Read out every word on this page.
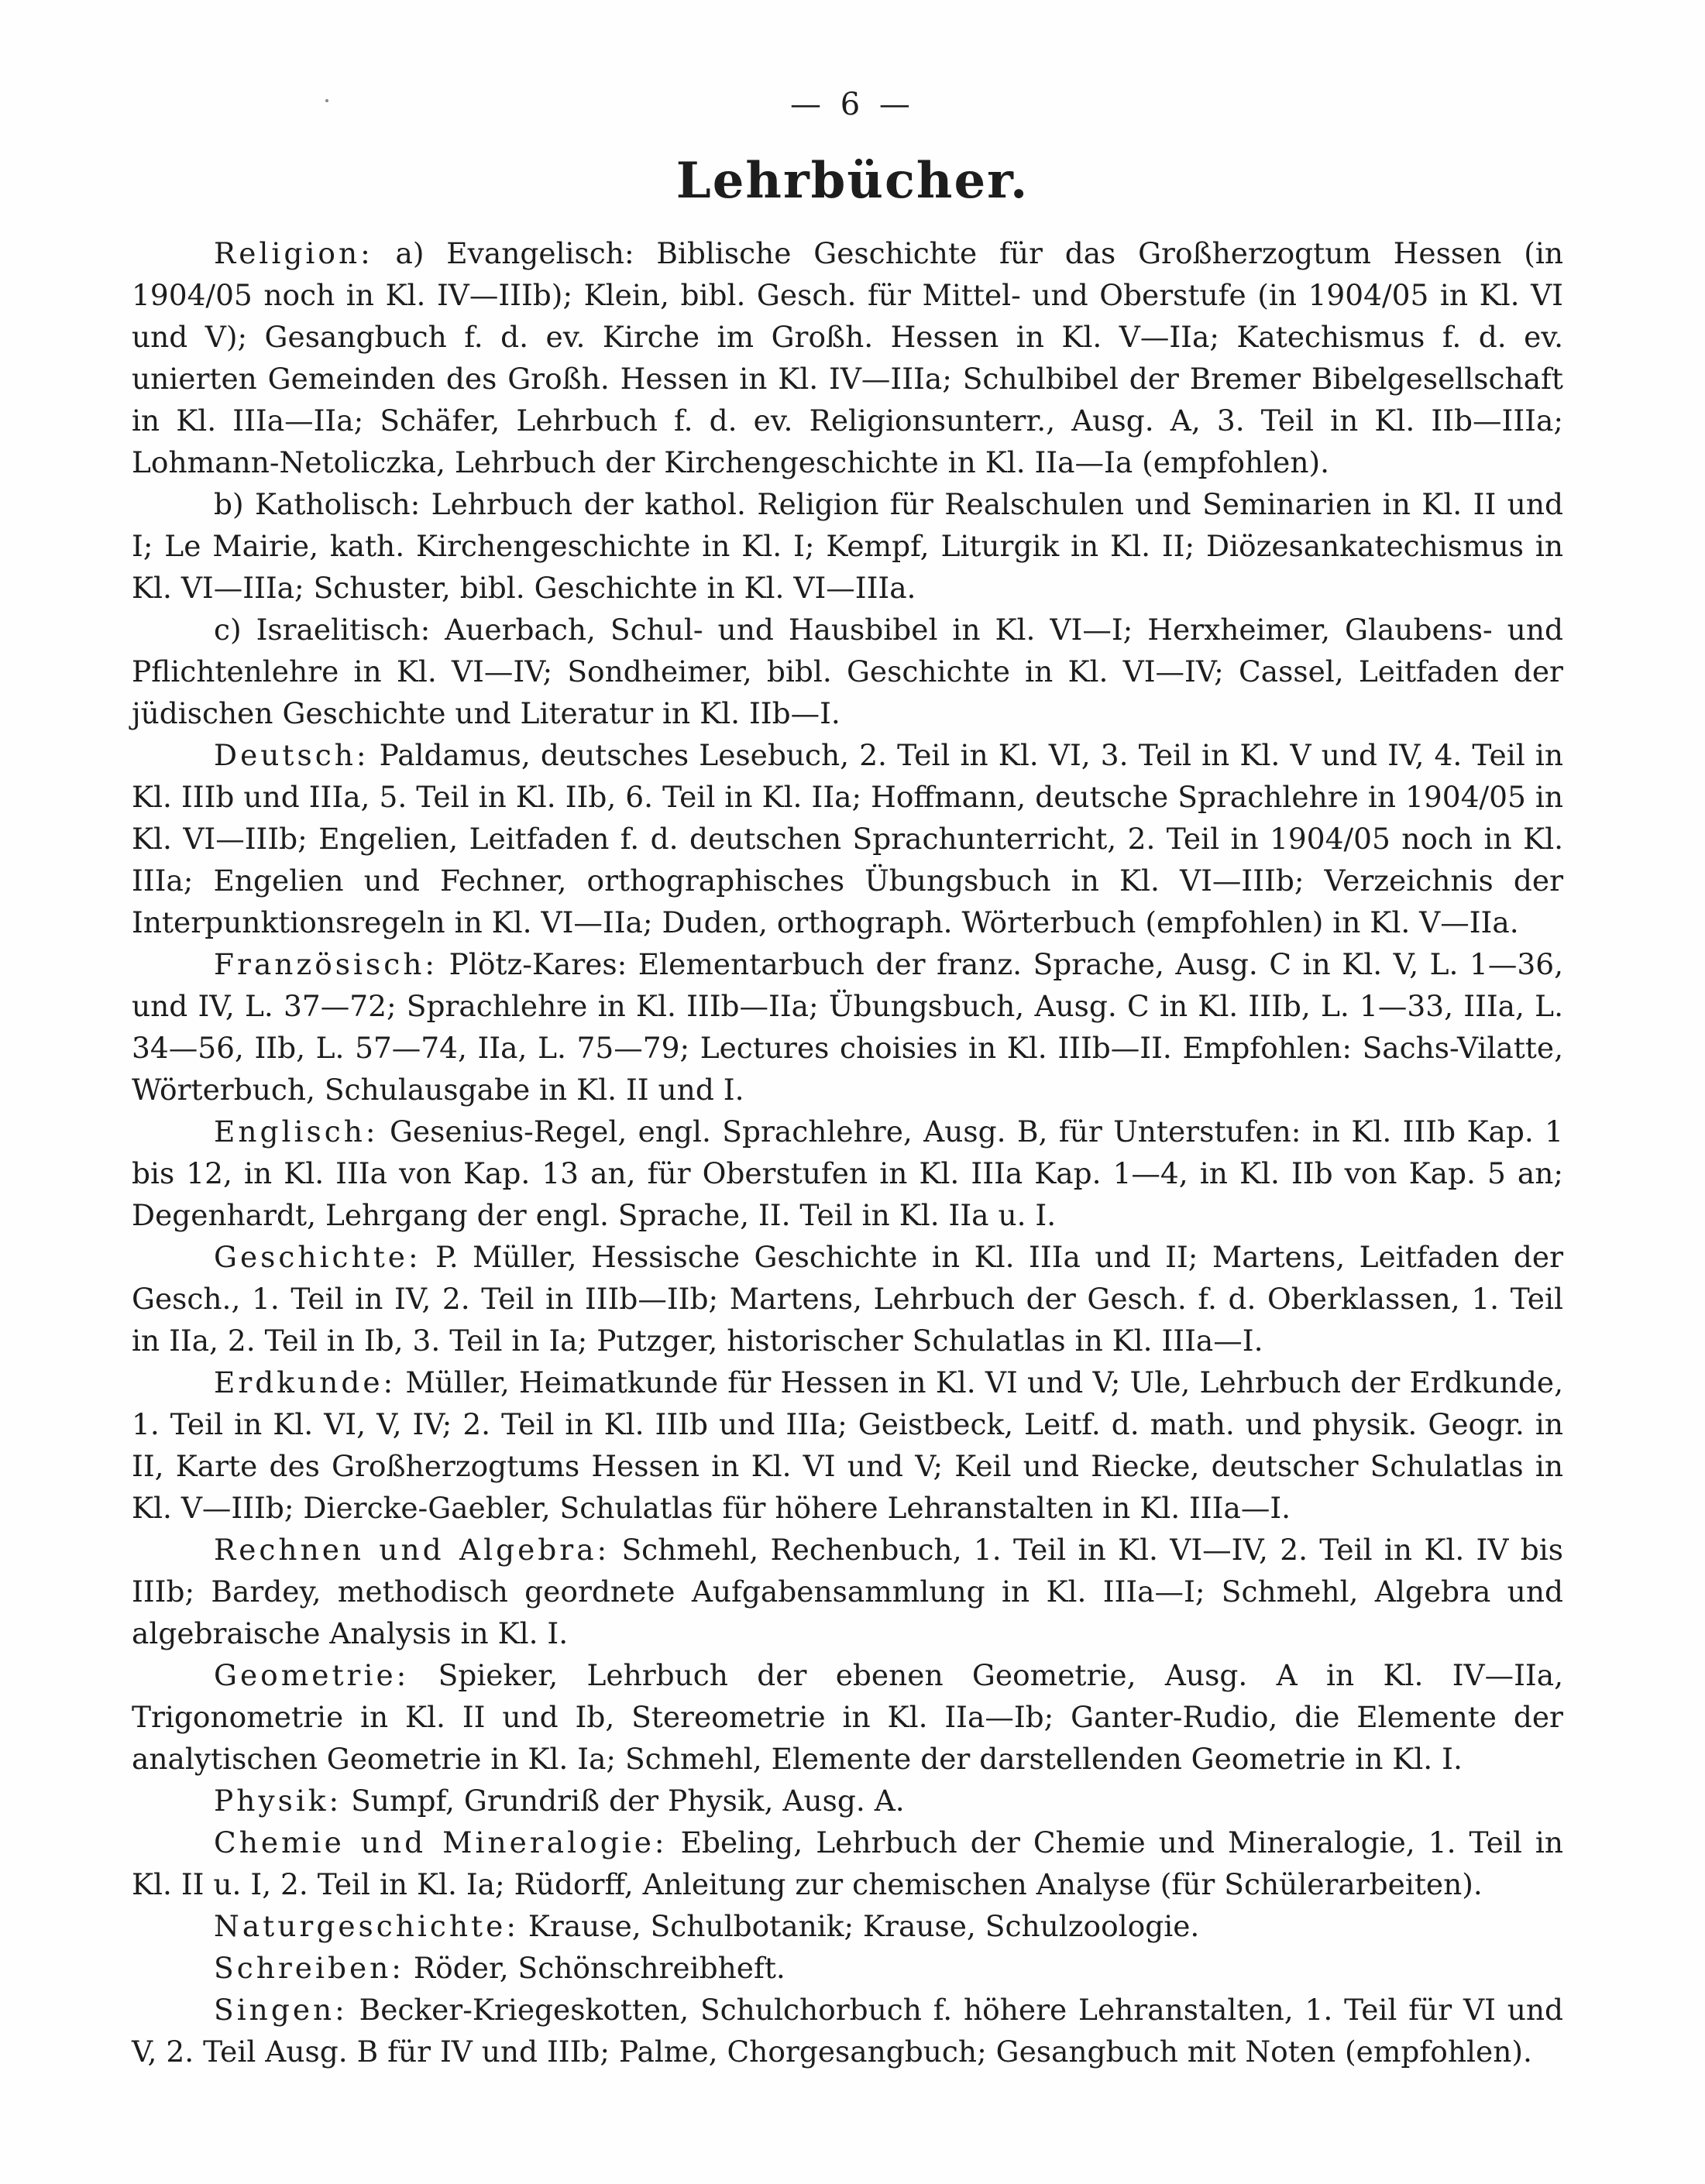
— 6 —
Lehrbücher.

Religion: a) Evangelisch: Biblische Geschichte für das Großherzogtum Hessen (in 1904/05 noch in Kl. IV—IIIb); Klein, bibl. Gesch. für Mittel- und Oberstufe (in 1904/05 in Kl. VI und V); Gesangbuch f. d. ev. Kirche im Großh. Hessen in Kl. V—IIa; Katechismus f. d. ev. unierten Gemeinden des Großh. Hessen in Kl. IV—IIIa; Schulbibel der Bremer Bibelgesellschaft in Kl. IIIa—IIa; Schäfer, Lehrbuch f. d. ev. Religionsunterr., Ausg. A, 3. Teil in Kl. IIb—IIIa; Lohmann-Netoliczka, Lehrbuch der Kirchengeschichte in Kl. IIa—Ia (empfohlen).

b) Katholisch: Lehrbuch der kathol. Religion für Realschulen und Seminarien in Kl. II und I; Le Mairie, kath. Kirchengeschichte in Kl. I; Kempf, Liturgik in Kl. II; Diözesankatechismus in Kl. VI—IIIa; Schuster, bibl. Geschichte in Kl. VI—IIIa.

c) Israelitisch: Auerbach, Schul- und Hausbibel in Kl. VI—I; Herxheimer, Glaubens- und Pflichtenlehre in Kl. VI—IV; Sondheimer, bibl. Geschichte in Kl. VI—IV; Cassel, Leitfaden der jüdischen Geschichte und Literatur in Kl. IIb—I.

Deutsch: Paldamus, deutsches Lesebuch, 2. Teil in Kl. VI, 3. Teil in Kl. V und IV, 4. Teil in Kl. IIIb und IIIa, 5. Teil in Kl. IIb, 6. Teil in Kl. IIa; Hoffmann, deutsche Sprachlehre in 1904/05 in Kl. VI—IIIb; Engelien, Leitfaden f. d. deutschen Sprachunterricht, 2. Teil in 1904/05 noch in Kl. IIIa; Engelien und Fechner, orthographisches Übungsbuch in Kl. VI—IIIb; Verzeichnis der Interpunktionsregeln in Kl. VI—IIa; Duden, orthograph. Wörterbuch (empfohlen) in Kl. V—IIa.

Französisch: Plötz-Kares: Elementarbuch der franz. Sprache, Ausg. C in Kl. V, L. 1—36, und IV, L. 37—72; Sprachlehre in Kl. IIIb—IIa; Übungsbuch, Ausg. C in Kl. IIIb, L. 1—33, IIIa, L. 34—56, IIb, L. 57—74, IIa, L. 75—79; Lectures choisies in Kl. IIIb—II. Empfohlen: Sachs-Vilatte, Wörterbuch, Schulausgabe in Kl. II und I.

Englisch: Gesenius-Regel, engl. Sprachlehre, Ausg. B, für Unterstufen: in Kl. IIIb Kap. 1 bis 12, in Kl. IIIa von Kap. 13 an, für Oberstufen in Kl. IIIa Kap. 1—4, in Kl. IIb von Kap. 5 an; Degenhardt, Lehrgang der engl. Sprache, II. Teil in Kl. IIa u. I.

Geschichte: P. Müller, Hessische Geschichte in Kl. IIIa und II; Martens, Leitfaden der Gesch., 1. Teil in IV, 2. Teil in IIIb—IIb; Martens, Lehrbuch der Gesch. f. d. Oberklassen, 1. Teil in IIa, 2. Teil in Ib, 3. Teil in Ia; Putzger, historischer Schulatlas in Kl. IIIa—I.

Erdkunde: Müller, Heimatkunde für Hessen in Kl. VI und V; Ule, Lehrbuch der Erdkunde, 1. Teil in Kl. VI, V, IV; 2. Teil in Kl. IIIb und IIIa; Geistbeck, Leitf. d. math. und physik. Geogr. in II, Karte des Großherzogtums Hessen in Kl. VI und V; Keil und Riecke, deutscher Schulatlas in Kl. V—IIIb; Diercke-Gaebler, Schulatlas für höhere Lehranstalten in Kl. IIIa—I.

Rechnen und Algebra: Schmehl, Rechenbuch, 1. Teil in Kl. VI—IV, 2. Teil in Kl. IV bis IIIb; Bardey, methodisch geordnete Aufgabensammlung in Kl. IIIa—I; Schmehl, Algebra und algebraische Analysis in Kl. I.

Geometrie: Spieker, Lehrbuch der ebenen Geometrie, Ausg. A in Kl. IV—IIa, Trigonometrie in Kl. II und Ib, Stereometrie in Kl. IIa—Ib; Ganter-Rudio, die Elemente der analytischen Geometrie in Kl. Ia; Schmehl, Elemente der darstellenden Geometrie in Kl. I.

Physik: Sumpf, Grundriß der Physik, Ausg. A.

Chemie und Mineralogie: Ebeling, Lehrbuch der Chemie und Mineralogie, 1. Teil in Kl. II u. I, 2. Teil in Kl. Ia; Rüdorff, Anleitung zur chemischen Analyse (für Schülerarbeiten).

Naturgeschichte: Krause, Schulbotanik; Krause, Schulzoologie.

Schreiben: Röder, Schönschreibheft.

Singen: Becker-Kriegeskotten, Schulchorbuch f. höhere Lehranstalten, 1. Teil für VI und V, 2. Teil Ausg. B für IV und IIIb; Palme, Chorgesangbuch; Gesangbuch mit Noten (empfohlen).
